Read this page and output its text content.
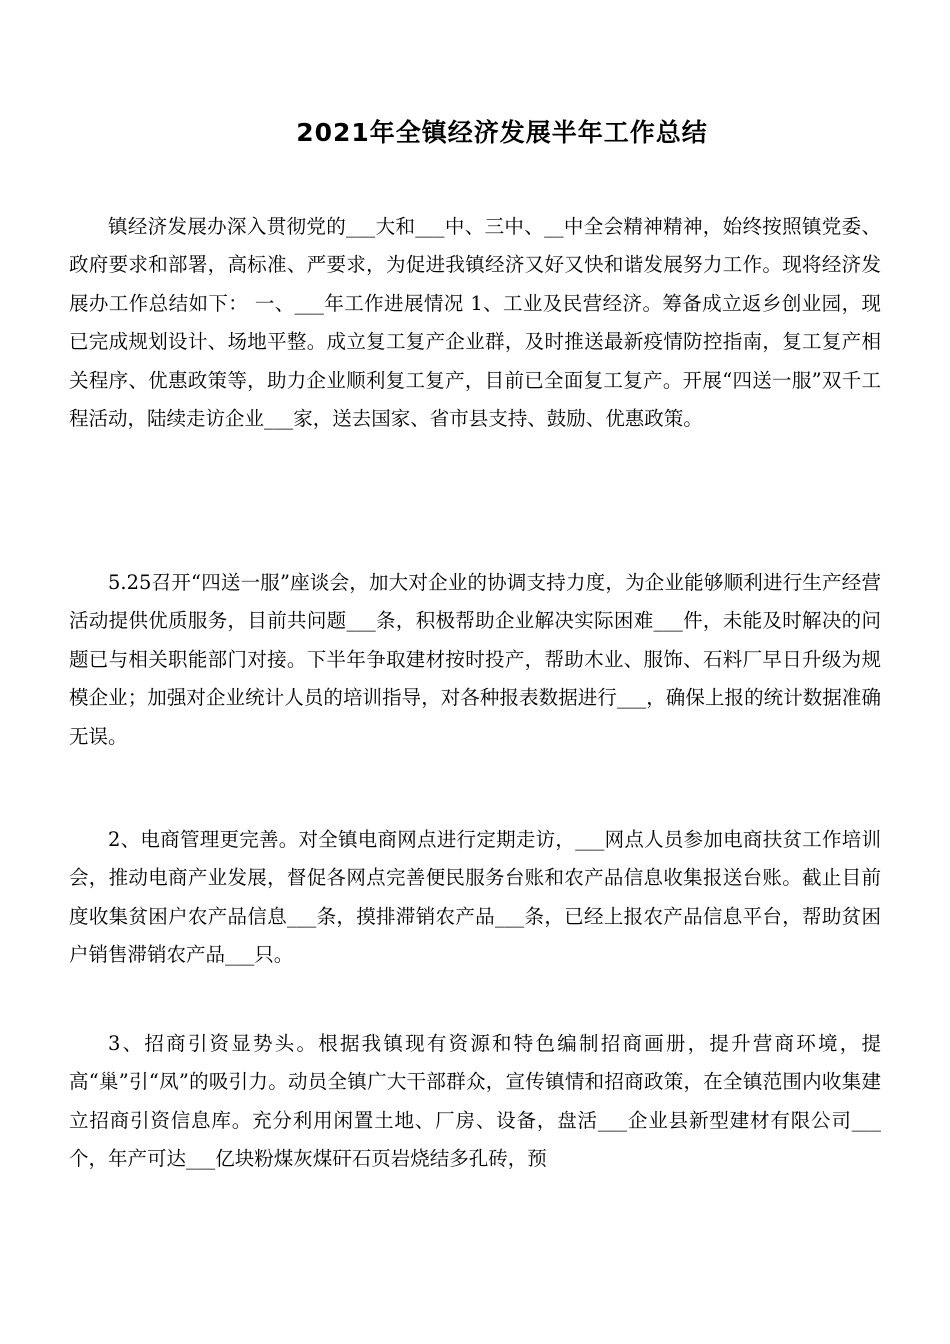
2021年全镇经济发展半年工作总结

镇经济发展办深入贯彻党的___大和___中、三中、__中全会精神精神，始终按照镇党委、政府要求和部署，高标准、严要求，为促进我镇经济又好又快和谐发展努力工作。现将经济发展办工作总结如下： 一、___年工作进展情况 1、工业及民营经济。筹备成立返乡创业园，现已完成规划设计、场地平整。成立复工复产企业群，及时推送最新疫情防控指南，复工复产相关程序、优惠政策等，助力企业顺利复工复产，目前已全面复工复产。开展“四送一服”双千工程活动，陆续走访企业___家，送去国家、省市县支持、鼓励、优惠政策。

5.25召开“四送一服”座谈会，加大对企业的协调支持力度，为企业能够顺利进行生产经营活动提供优质服务，目前共问题___条，积极帮助企业解决实际困难___件，未能及时解决的问题已与相关职能部门对接。下半年争取建材按时投产，帮助木业、服饰、石料厂早日升级为规模企业；加强对企业统计人员的培训指导，对各种报表数据进行___，确保上报的统计数据准确无误。

2、电商管理更完善。对全镇电商网点进行定期走访，___网点人员参加电商扶贫工作培训会，推动电商产业发展，督促各网点完善便民服务台账和农产品信息收集报送台账。截止目前度收集贫困户农产品信息___条，摸排滞销农产品___条，已经上报农产品信息平台，帮助贫困户销售滞销农产品___只。

3、招商引资显势头。根据我镇现有资源和特色编制招商画册，提升营商环境，提高“巢”引“凤”的吸引力。动员全镇广大干部群众，宣传镇情和招商政策，在全镇范围内收集建立招商引资信息库。充分利用闲置土地、厂房、设备，盘活___企业县新型建材有限公司___个，年产可达___亿块粉煤灰煤矸石页岩烧结多孔砖，预
